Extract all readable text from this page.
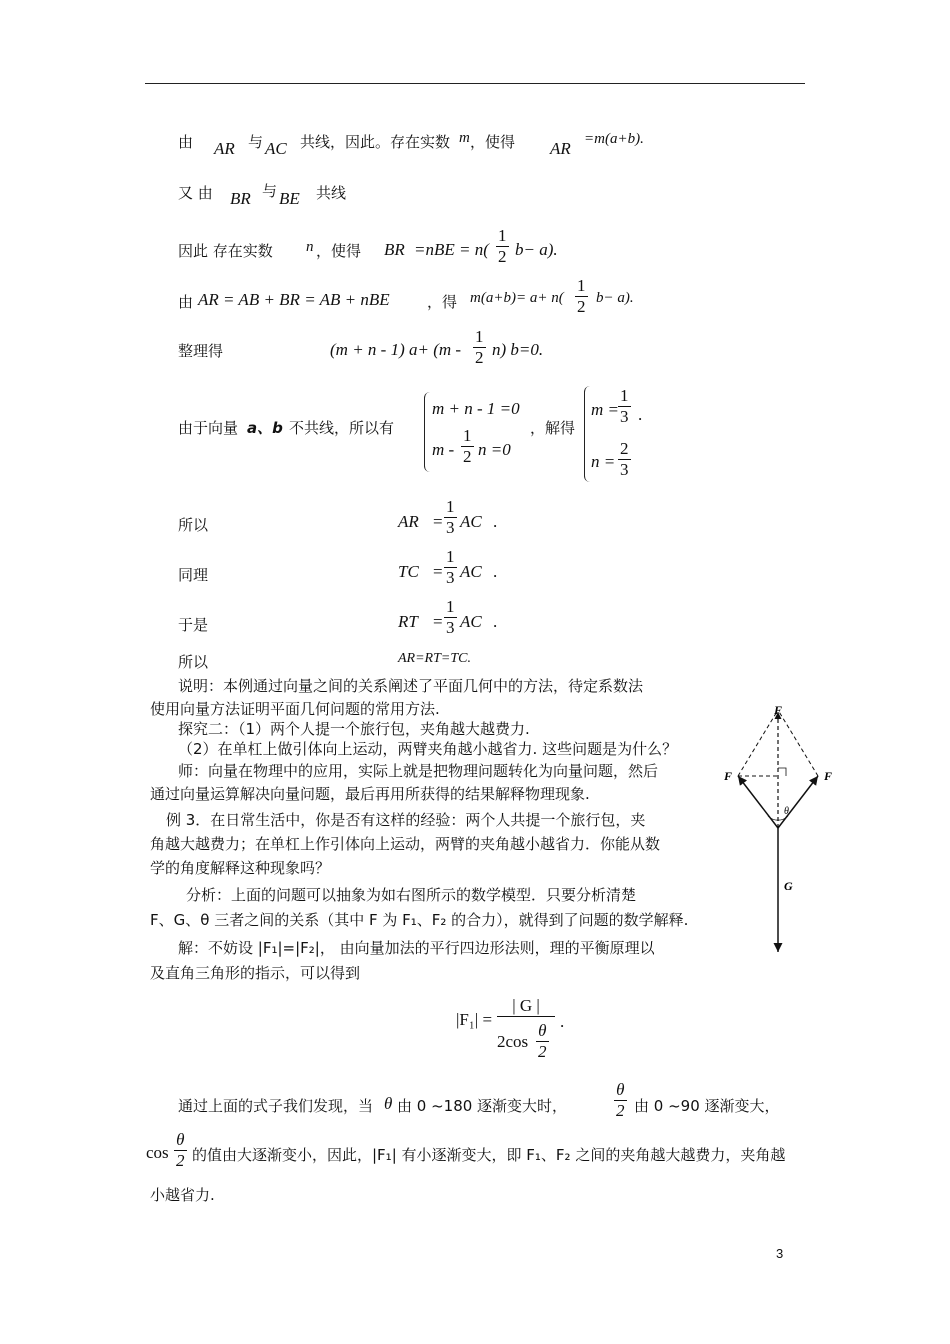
由 AR 与 AC 共线，因此。存在实数 m ，使得 AR =m(a+b).
又 由 BR 与 BE 共线
因此 存在实数 n ，使得 BR $=nBE = n( \frac{1}{2} b- a)$.
由 AR = AB + BR = AB + nBE ，得 $m(a+b)= a+ n( \frac{1}{2} b- a)$.
整理得	(m + n - 1) $a+ (m - \frac{1}{2} n)$ b=0.
由于向量 a、b 不共线，所以有
m + n - 1 =0
m - $\frac{1}{2}$ n =0
，解得
$m = \frac{1}{3}$ .
$n = \frac{2}{3}$
所以	AR = $\frac{1}{3}$ AC .
同理	TC = $\frac{1}{3}$ AC .
于是	RT = $\frac{1}{3}$ AC .
所以	AR=RT=TC.
说明：本例通过向量之间的关系阐述了平面几何中的方法，待定系数法
使用向量方法证明平面几何问题的常用方法.
探究二：（1）两个人提一个旅行包，夹角越大越费力.
（2）在单杠上做引体向上运动，两臂夹角越小越省力. 这些问题是为什么？
师：向量在物理中的应用，实际上就是把物理问题转化为向量问题，然后
通过向量运算解决向量问题，最后再用所获得的结果解释物理现象.
例 3．在日常生活中，你是否有这样的经验：两个人共提一个旅行包，夹
角越大越费力；在单杠上作引体向上运动，两臂的夹角越小越省力．你能从数
学的角度解释这种现象吗？
分析：上面的问题可以抽象为如右图所示的数学模型．只要分析清楚
F、G、θ 三者之间的关系（其中 F 为 F₁、F₂ 的合力），就得到了问题的数学解释.
解：不妨设 |F₁|=|F₂|， 由向量加法的平行四边形法则，理的平衡原理以
及直角三角形的指示，可以得到
|F₁| =
| G |
$2\cos \frac{\theta}{2}$ .
通过上面的式子我们发现，当 θ 由 0 ~180 逐渐变大时，	$\frac{\theta}{2}$ 由 0 ~90 逐渐变大，
$\cos \frac{\theta}{2}$ 的值由大逐渐变小，因此，|F₁| 有小逐渐变大，即 F₁、F₂ 之间的夹角越大越费力，夹角越
小越省力.
F
F	F
G
θ
3
